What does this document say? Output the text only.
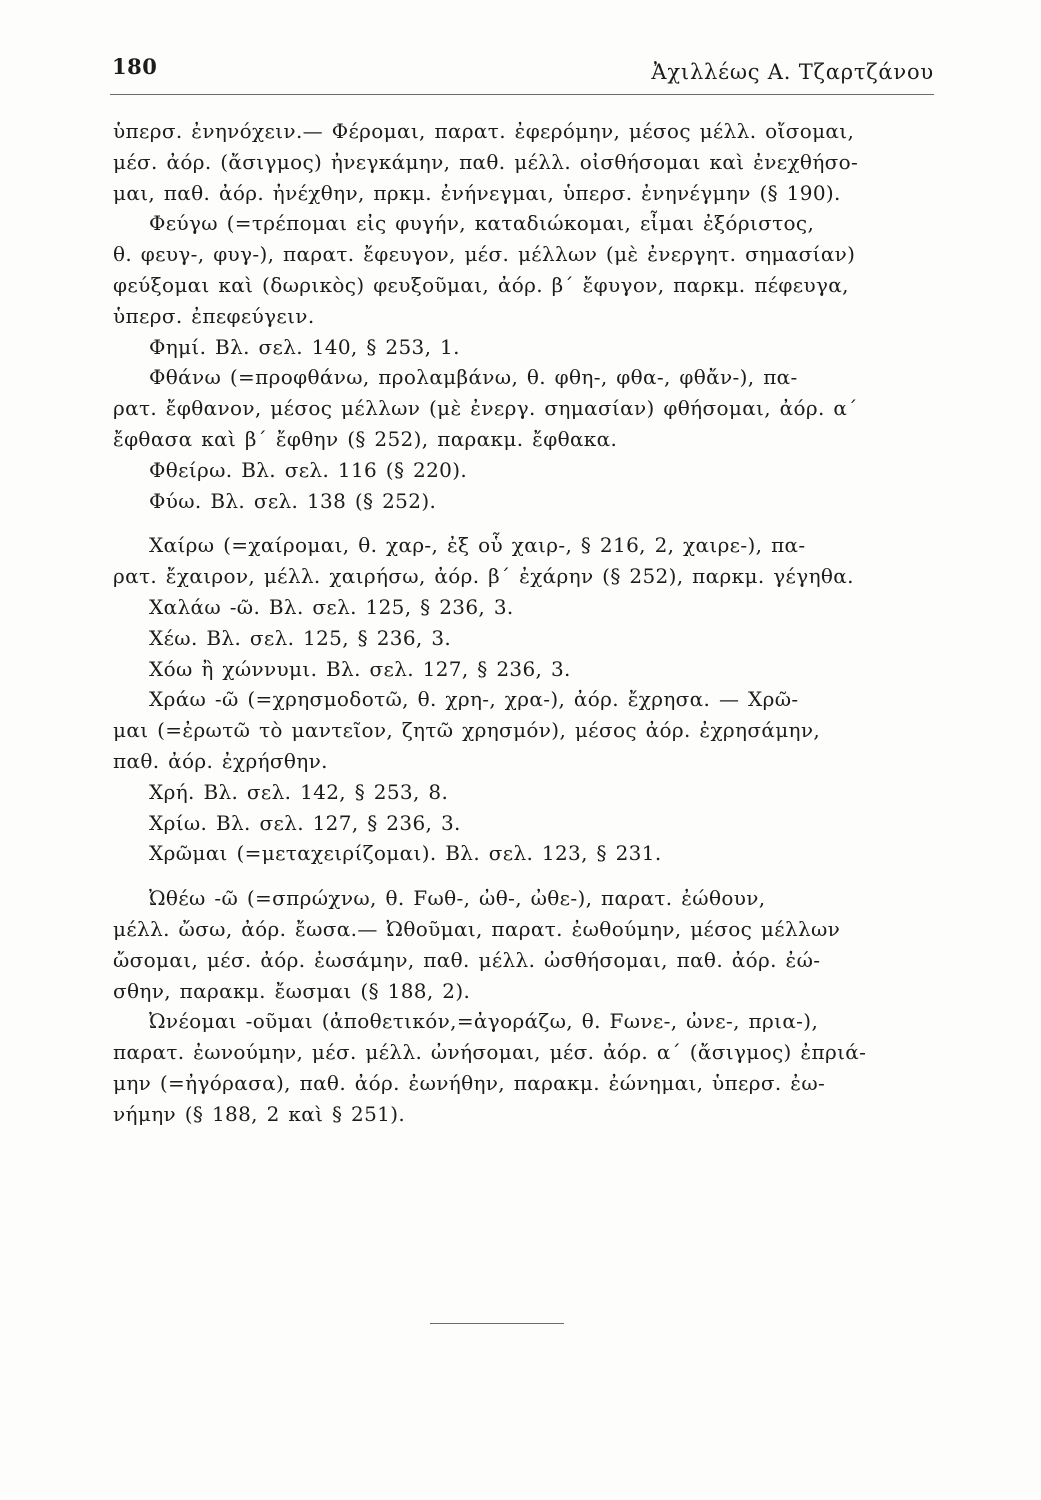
180	Ἀχιλλέως Α. Τζαρτζάνου
ὑπερσ. ἐνηνόχειν.— Φέρομαι, παρατ. ἐφερόμην, μέσος μέλλ. οἴσομαι,
μέσ. ἀόρ. (ἄσιγμος) ἠνεγκάμην, παθ. μέλλ. οἰσθήσομαι καὶ ἐνεχθήσο-
μαι, παθ. ἀόρ. ἠνέχθην, πρκμ. ἐνήνεγμαι, ὑπερσ. ἐνηνέγμην (§ 190).
Φεύγω (=τρέπομαι εἰς φυγήν, καταδιώκομαι, εἶμαι ἐξόριστος,
θ. φευγ-, φυγ-), παρατ. ἔφευγον, μέσ. μέλλων (μὲ ἐνεργητ. σημασίαν)
φεύξομαι καὶ (δωρικὸς) φευξοῦμαι, ἀόρ. β´ ἔφυγον, παρκμ. πέφευγα,
ὑπερσ. ἐπεφεύγειν.
Φημί. Βλ. σελ. 140, § 253, 1.
Φθάνω (=προφθάνω, προλαμβάνω, θ. φθη-, φθα-, φθἄν-), πα-
ρατ. ἔφθανον, μέσος μέλλων (μὲ ἐνεργ. σημασίαν) φθήσομαι, ἀόρ. α´
ἔφθασα καὶ β´ ἔφθην (§ 252), παρακμ. ἔφθακα.
Φθείρω. Βλ. σελ. 116 (§ 220).
Φύω. Βλ. σελ. 138 (§ 252).
Χαίρω (=χαίρομαι, θ. χαρ-, ἐξ οὗ χαιρ-, § 216, 2, χαιρε-), πα-
ρατ. ἔχαιρον, μέλλ. χαιρήσω, ἀόρ. β´ ἐχάρην (§ 252), παρκμ. γέγηθα.
Χαλάω -ῶ. Βλ. σελ. 125, § 236, 3.
Χέω. Βλ. σελ. 125, § 236, 3.
Χόω ἢ χώννυμι. Βλ. σελ. 127, § 236, 3.
Χράω -ῶ (=χρησμοδοτῶ, θ. χρη-, χρα-), ἀόρ. ἔχρησα. — Χρῶ-
μαι (=ἐρωτῶ τὸ μαντεῖον, ζητῶ χρησμόν), μέσος ἀόρ. ἐχρησάμην,
παθ. ἀόρ. ἐχρήσθην.
Χρή. Βλ. σελ. 142, § 253, 8.
Χρίω. Βλ. σελ. 127, § 236, 3.
Χρῶμαι (=μεταχειρίζομαι). Βλ. σελ. 123, § 231.
Ὠθέω -ῶ (=σπρώχνω, θ. Fωθ-, ὠθ-, ὠθε-), παρατ. ἐώθουν,
μέλλ. ὤσω, ἀόρ. ἔωσα.— Ὠθοῦμαι, παρατ. ἐωθούμην, μέσος μέλλων
ὤσομαι, μέσ. ἀόρ. ἐωσάμην, παθ. μέλλ. ὠσθήσομαι, παθ. ἀόρ. ἐώ-
σθην, παρακμ. ἔωσμαι (§ 188, 2).
Ὠνέομαι -οῦμαι (ἀποθετικόν,=ἀγοράζω, θ. Fωνε-, ὠνε-, πρια-),
παρατ. ἐωνούμην, μέσ. μέλλ. ὠνήσομαι, μέσ. ἀόρ. α´ (ἄσιγμος) ἐπριά-
μην (=ἠγόρασα), παθ. ἀόρ. ἐωνήθην, παρακμ. ἐώνημαι, ὑπερσ. ἐω-
νήμην (§ 188, 2 καὶ § 251).
